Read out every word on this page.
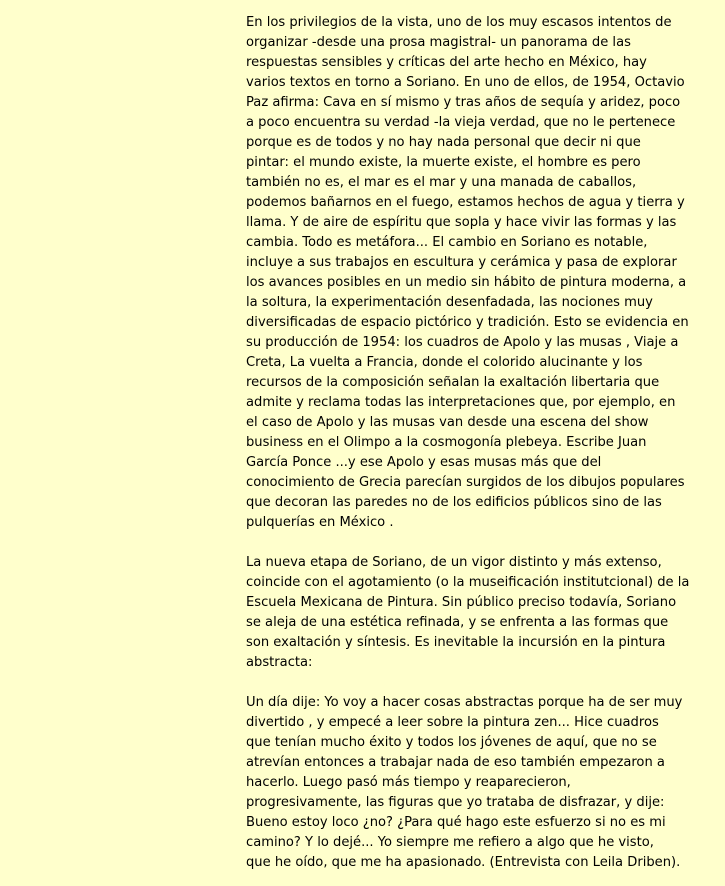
En los privilegios de la vista, uno de los muy escasos intentos de
organizar -desde una prosa magistral- un panorama de las
respuestas sensibles y críticas del arte hecho en México, hay
varios textos en torno a Soriano. En uno de ellos, de 1954, Octavio
Paz afirma: Cava en sí mismo y tras años de sequía y aridez, poco
a poco encuentra su verdad -la vieja verdad, que no le pertenece
porque es de todos y no hay nada personal que decir ni que
pintar: el mundo existe, la muerte existe, el hombre es pero
también no es, el mar es el mar y una manada de caballos,
podemos bañarnos en el fuego, estamos hechos de agua y tierra y
llama. Y de aire de espíritu que sopla y hace vivir las formas y las
cambia. Todo es metáfora... El cambio en Soriano es notable,
incluye a sus trabajos en escultura y cerámica y pasa de explorar
los avances posibles en un medio sin hábito de pintura moderna, a
la soltura, la experimentación desenfadada, las nociones muy
diversificadas de espacio pictórico y tradición. Esto se evidencia en
su producción de 1954: los cuadros de Apolo y las musas , Viaje a
Creta, La vuelta a Francia, donde el colorido alucinante y los
recursos de la composición señalan la exaltación libertaria que
admite y reclama todas las interpretaciones que, por ejemplo, en
el caso de Apolo y las musas van desde una escena del show
business en el Olimpo a la cosmogonía plebeya. Escribe Juan
García Ponce ...y ese Apolo y esas musas más que del
conocimiento de Grecia parecían surgidos de los dibujos populares
que decoran las paredes no de los edificios públicos sino de las
pulquerías en México .

La nueva etapa de Soriano, de un vigor distinto y más extenso,
coincide con el agotamiento (o la museificación institutcional) de la
Escuela Mexicana de Pintura. Sin público preciso todavía, Soriano
se aleja de una estética refinada, y se enfrenta a las formas que
son exaltación y síntesis. Es inevitable la incursión en la pintura
abstracta:

Un día dije: Yo voy a hacer cosas abstractas porque ha de ser muy
divertido , y empecé a leer sobre la pintura zen... Hice cuadros
que tenían mucho éxito y todos los jóvenes de aquí, que no se
atrevían entonces a trabajar nada de eso también empezaron a
hacerlo. Luego pasó más tiempo y reaparecieron,
progresivamente, las figuras que yo trataba de disfrazar, y dije:
Bueno estoy loco ¿no? ¿Para qué hago este esfuerzo si no es mi
camino? Y lo dejé... Yo siempre me refiero a algo que he visto,
que he oído, que me ha apasionado. (Entrevista con Leila Driben).
